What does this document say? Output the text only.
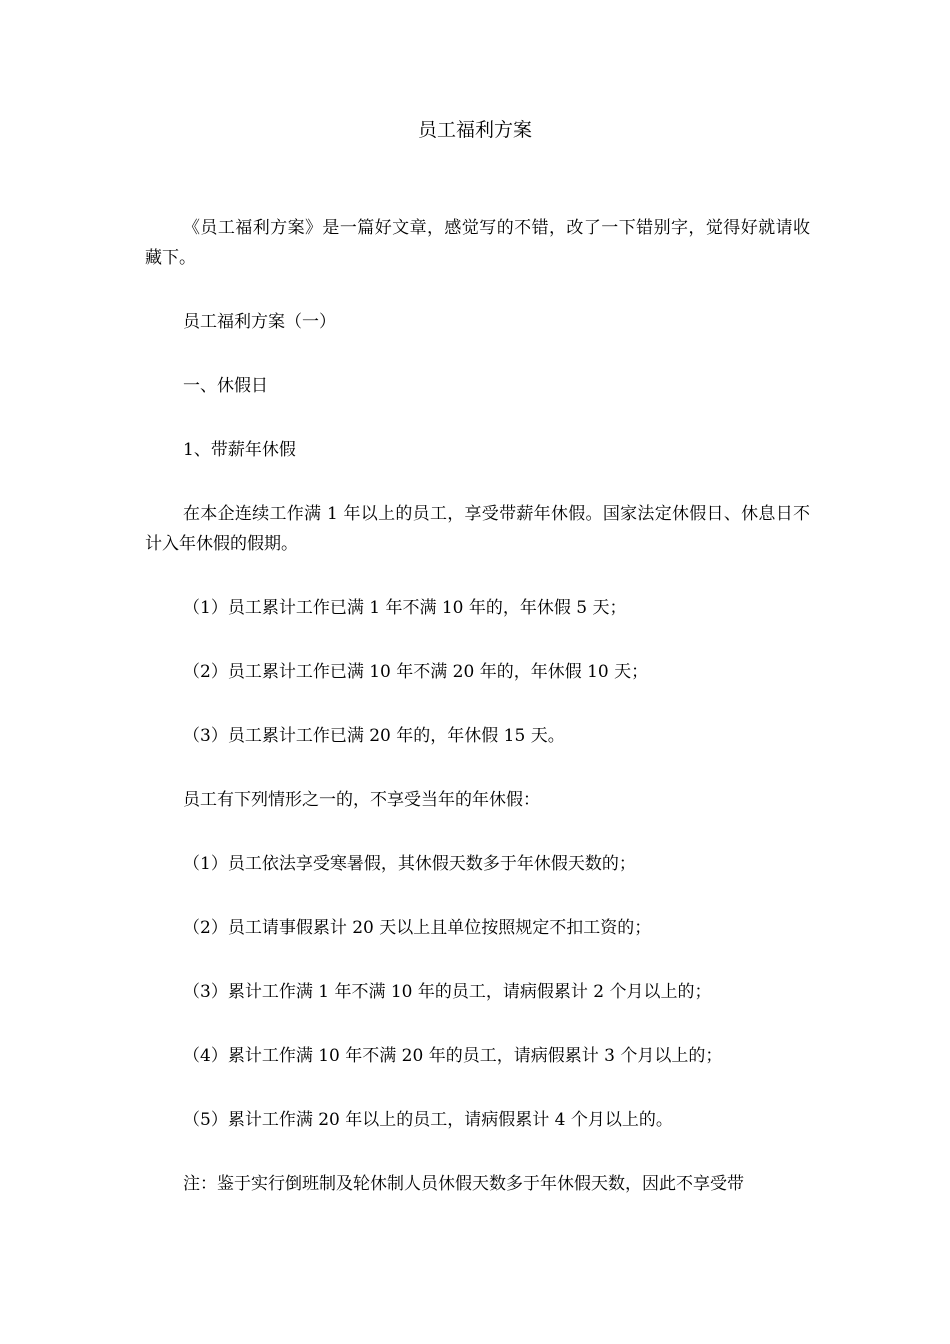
员工福利方案

《员工福利方案》是一篇好文章，感觉写的不错，改了一下错别字，觉得好就请收藏下。

员工福利方案（一）

一、休假日

1、带薪年休假

在本企连续工作满 1 年以上的员工，享受带薪年休假。国家法定休假日、休息日不计入年休假的假期。

（1）员工累计工作已满 1 年不满 10 年的，年休假 5 天；

（2）员工累计工作已满 10 年不满 20 年的，年休假 10 天；

（3）员工累计工作已满 20 年的，年休假 15 天。

员工有下列情形之一的，不享受当年的年休假：

（1）员工依法享受寒暑假，其休假天数多于年休假天数的；

（2）员工请事假累计 20 天以上且单位按照规定不扣工资的；

（3）累计工作满 1 年不满 10 年的员工，请病假累计 2 个月以上的；

（4）累计工作满 10 年不满 20 年的员工，请病假累计 3 个月以上的；

（5）累计工作满 20 年以上的员工，请病假累计 4 个月以上的。

注：鉴于实行倒班制及轮休制人员休假天数多于年休假天数，因此不享受带
